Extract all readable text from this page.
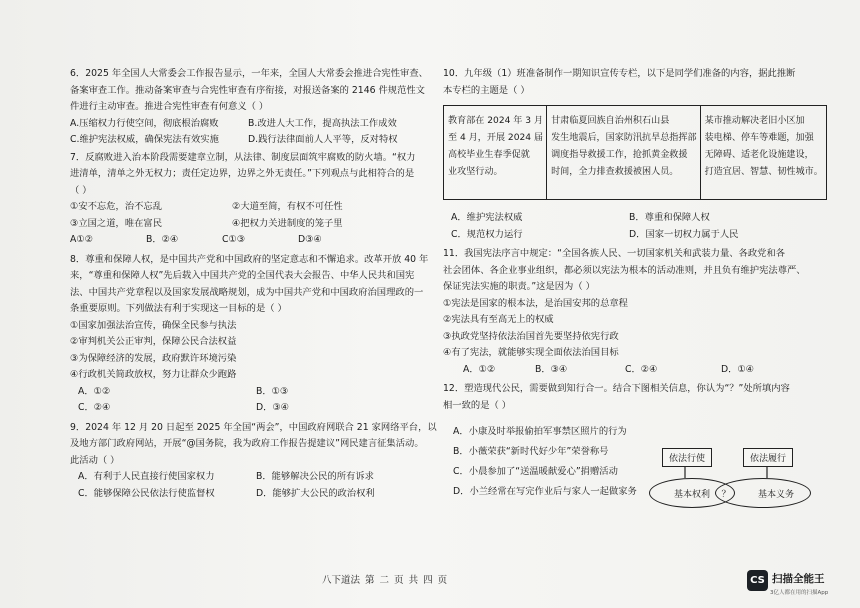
6．2025 年全国人大常委会工作报告显示，一年来，全国人大常委会推进合宪性审查、
备案审查工作。推动备案审查与合宪性审查有序衔接，对报送备案的 2146 件规范性文
件进行主动审查。推进合宪性审查有何意义（ ）
A.压缩权力行使空间，彻底根治腐败	B.改进人大工作，提高执法工作成效
C.维护宪法权威，确保宪法有效实施	D.践行法律面前人人平等，反对特权
7．反腐败进入治本阶段需要建章立制，从法律、制度层面筑牢腐败的防火墙。“权力
进清单，清单之外无权力；责任定边界，边界之外无责任。”下列观点与此相符合的是
（ ）
①安不忘危，治不忘乱	②大道至简，有权不可任性
③立国之道，唯在富民	④把权力关进制度的笼子里
A①②	B．②④	C①③	D③④
8．尊重和保障人权，是中国共产党和中国政府的坚定意志和不懈追求。改革开放 40 年
来，“尊重和保障人权”先后载入中国共产党的全国代表大会报告、中华人民共和国宪
法、中国共产党章程以及国家发展战略规划，成为中国共产党和中国政府治国理政的一
条重要原则。下列做法有利于实现这一目标的是（ ）
①国家加强法治宣传，确保全民参与执法
②审判机关公正审判，保障公民合法权益
③为保障经济的发展，政府默许环境污染
④行政机关简政放权，努力让群众少跑路
A．①②	B．①③
C．②④	D．③④
9．2024 年 12 月 20 日起至 2025 年全国“两会”，中国政府网联合 21 家网络平台，以
及地方部门政府网站，开展“@国务院，我为政府工作报告提建议”网民建言征集活动。
此活动（ ）
A．有利于人民直接行使国家权力	B．能够解决公民的所有诉求
C．能够保障公民依法行使监督权	D．能够扩大公民的政治权利
10．九年级（1）班准备制作一期知识宣传专栏，以下是同学们准备的内容，据此推断
本专栏的主题是（ ）
教育部在 2024 年 3 月
至 4 月，开展 2024 届
高校毕业生春季促就
业攻坚行动。

甘肃临夏回族自治州积石山县
发生地震后，国家防汛抗旱总指挥部
调度指导救援工作，抢抓黄金救援
时间，全力排查救援被困人员。

某市推动解决老旧小区加
装电梯、停车等难题，加强
无障碍、适老化设施建设，
打造宜居、智慧、韧性城市。
A．维护宪法权威	B．尊重和保障人权
C．规范权力运行	D．国家一切权力属于人民
11．我国宪法序言中规定：“全国各族人民、一切国家机关和武装力量、各政党和各
社会团体、各企业事业组织，都必须以宪法为根本的活动准则，并且负有维护宪法尊严、
保证宪法实施的职责。”这是因为（ ）
①宪法是国家的根本法，是治国安邦的总章程
②宪法具有至高无上的权威
③执政党坚持依法治国首先要坚持依宪行政
④有了宪法，就能够实现全面依法治国目标
A．①②	B．③④	C．②④	D．①④
12．塑造现代公民，需要做到知行合一。结合下图相关信息，你认为“？”处所填内容
相一致的是（ ）
A．小康及时举报偷拍军事禁区照片的行为
B．小薇荣获“新时代好少年”荣誉称号
C．小晨参加了“送温暖献爱心”捐赠活动
D．小兰经常在写完作业后与家人一起做家务
依法行使	依法履行
基本权利	基本义务
？
八下道法 第 二 页 共 四 页	CS 扫描全能王
3亿人都在用的扫描App
